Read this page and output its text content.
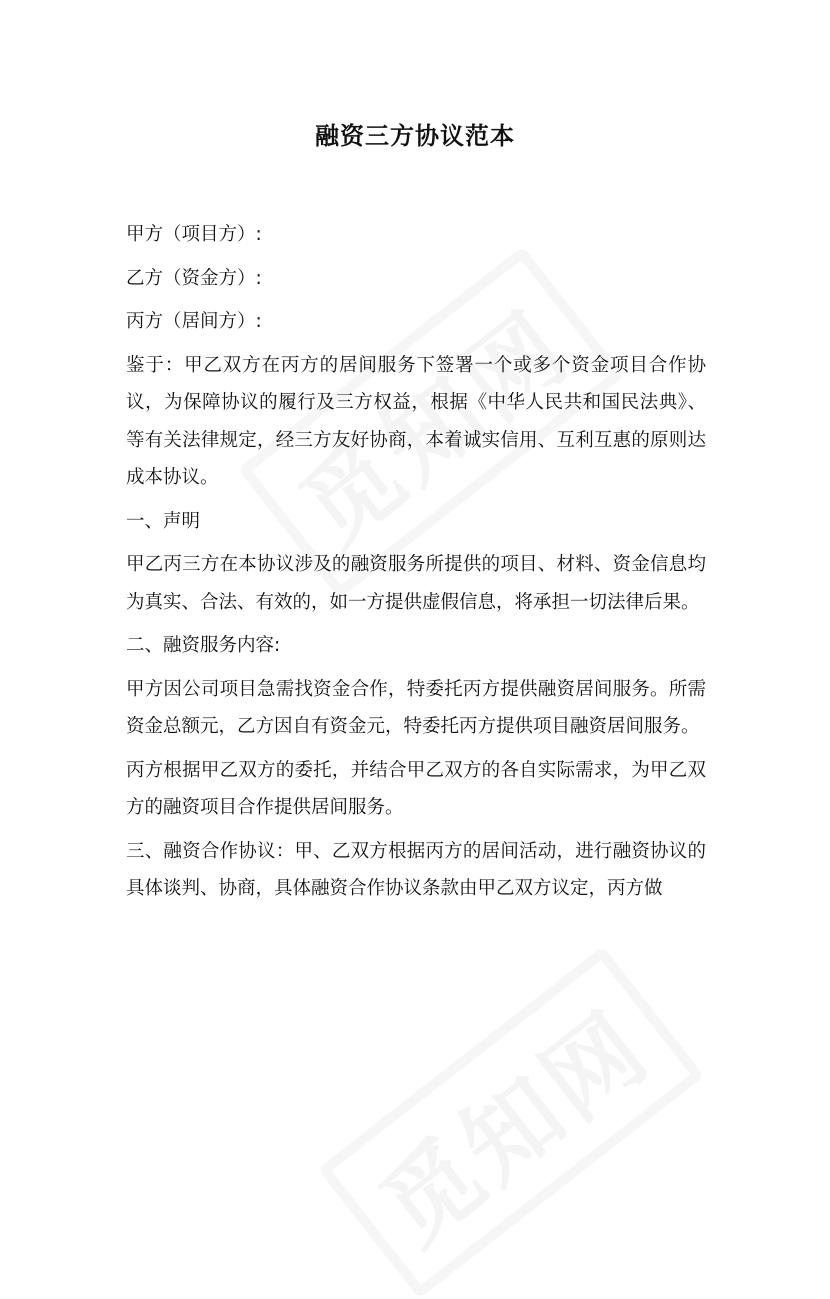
融资三方协议范本

甲方（项目方）:

乙方（资金方）:

丙方（居间方）:

鉴于：甲乙双方在丙方的居间服务下签署一个或多个资金项目合作协议，为保障协议的履行及三方权益，根据《中华人民共和国民法典》、等有关法律规定，经三方友好协商，本着诚实信用、互利互惠的原则达成本协议。

一、声明

甲乙丙三方在本协议涉及的融资服务所提供的项目、材料、资金信息均为真实、合法、有效的，如一方提供虚假信息，将承担一切法律后果。

二、融资服务内容:

甲方因公司项目急需找资金合作，特委托丙方提供融资居间服务。所需资金总额元，乙方因自有资金元，特委托丙方提供项目融资居间服务。

丙方根据甲乙双方的委托，并结合甲乙双方的各自实际需求，为甲乙双方的融资项目合作提供居间服务。

三、融资合作协议：甲、乙双方根据丙方的居间活动，进行融资协议的具体谈判、协商，具体融资合作协议条款由甲乙双方议定，丙方做
